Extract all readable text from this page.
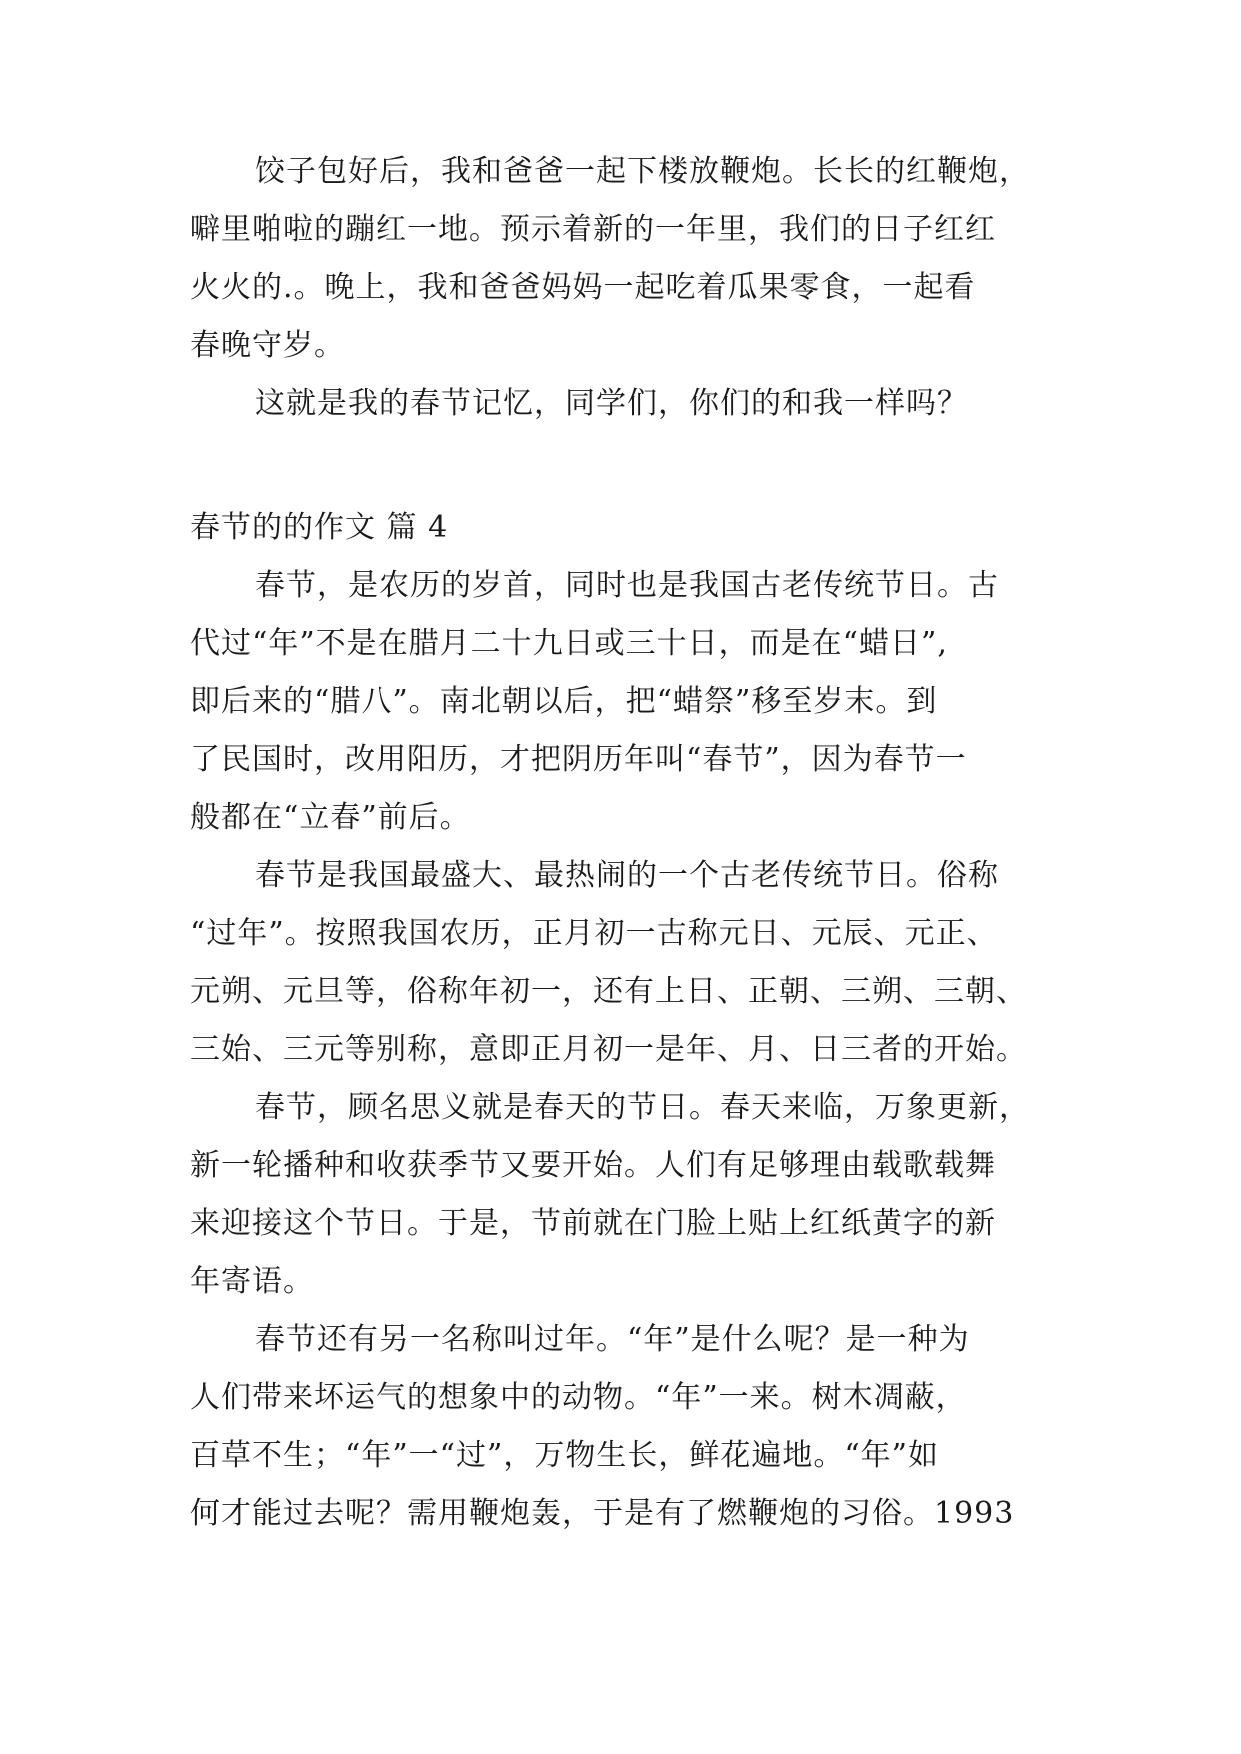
饺子包好后，我和爸爸一起下楼放鞭炮。长长的红鞭炮，
噼里啪啦的蹦红一地。预示着新的一年里，我们的日子红红
火火的.。晚上，我和爸爸妈妈一起吃着瓜果零食，一起看
春晚守岁。
这就是我的春节记忆，同学们，你们的和我一样吗？
春节的的作文 篇 4
春节，是农历的岁首，同时也是我国古老传统节日。古
代过“年”不是在腊月二十九日或三十日，而是在“蜡日”,
即后来的“腊八”。南北朝以后，把“蜡祭”移至岁末。到
了民国时，改用阳历，才把阴历年叫“春节”，因为春节一
般都在“立春”前后。
春节是我国最盛大、最热闹的一个古老传统节日。俗称
“过年”。按照我国农历，正月初一古称元日、元辰、元正、
元朔、元旦等，俗称年初一，还有上日、正朝、三朔、三朝、
三始、三元等别称，意即正月初一是年、月、日三者的开始。
春节，顾名思义就是春天的节日。春天来临，万象更新，
新一轮播种和收获季节又要开始。人们有足够理由载歌载舞
来迎接这个节日。于是，节前就在门脸上贴上红纸黄字的新
年寄语。
春节还有另一名称叫过年。“年”是什么呢？是一种为
人们带来坏运气的想象中的动物。“年”一来。树木凋蔽，
百草不生；“年”一“过”，万物生长，鲜花遍地。“年”如
何才能过去呢？需用鞭炮轰，于是有了燃鞭炮的习俗。1993
